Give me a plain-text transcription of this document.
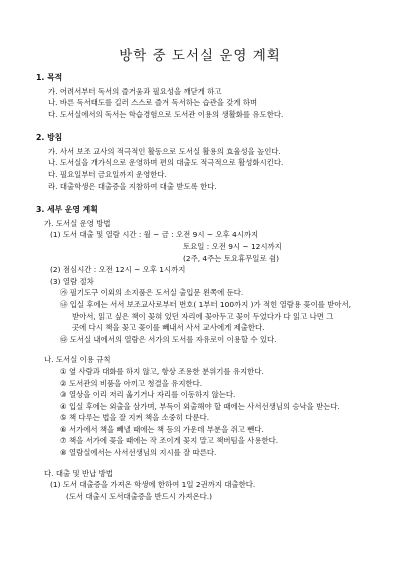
방학 중 도서실 운영 계획
1. 목적
가. 어려서부터 독서의 즐거움과 필요성을 깨닫게 하고
나. 바른 독서태도를 길러 스스로 즐겨 독서하는 습관을 갖게 하며
다. 도서실에서의 독서는 학습경험으로 도서관 이용의 생활화를 유도한다.
2. 방침
가. 사서 보조 교사의 적극적인 활동으로 도서실 활용의 효율성을 높인다.
나. 도서실을 개가식으로 운영하며 편의 대출도 적극적으로 활성화시킨다.
다. 필요일부터 금요일까지 운영한다.
라. 대출학생은 대출증을 지참하여 대출 받도록 한다.
3. 세부 운영 계획
가. 도서실 운영 방법
(1) 도서 대출 및 열람 시간 : 월 ~ 금 : 오전 9시 ~ 오후 4시까지
토요일 : 오전 9시 ~ 12시까지
(2주, 4주는 토요휴무일로 쉼)
(2) 점심시간 : 오전 12시 ~ 오후 1시까지
(3) 열람 절차
㉮ 필기도구 이외의 소지품은 도서실 출입문 왼쪽에 둔다.
㉯ 입실 후에는 서서 보조교사로부터 번호( 1부터 100까지 )가 적힌 열람용 꽂이를 받아서,
받아서, 읽고 싶은 책이 꽂혀 있던 자리에 꽂아두고 꽂이 두었다가 다 읽고 나면 그
곳에 다시 책을 꽂고 꽂이를 빼내서 사서 교사에게 제출한다.
㉰ 도서실 내에서의 열람은 서가의 도서를 자유로이 이용할 수 있다.
나. 도서실 이용 규칙
① 옆 사람과 대화를 하지 않고, 항상 조용한 분위기를 유지한다.
② 도서관의 비품을 아끼고 청결을 유지한다.
③ 열상을 이리 저리 옮기거나 자리를 이동하지 않는다.
④ 입실 후에는 외출을 삼가며, 부득이 외출해야 할 때에는 사서선생님의 승낙을 받는다.
⑤ 책 다루는 법을 잘 지켜 책을 소중히 다룬다.
⑥ 서가에서 책을 빼낼 때에는 책 등의 가운데 부분을 쥐고 뺀다.
⑦ 책을 서가에 꽂을 때에는 작 조이게 꽂지 말고 책버팀을 사용한다.
⑧ 열람실에서는 사서선생님의 지시를 잘 따른다.
다. 대출 및 반납 방법
(1) 도서 대출증을 가져온 학생에 한하여 1일 2권까지 대출한다.
(도서 대출시 도서대출증을 반드시 가져온다.)
